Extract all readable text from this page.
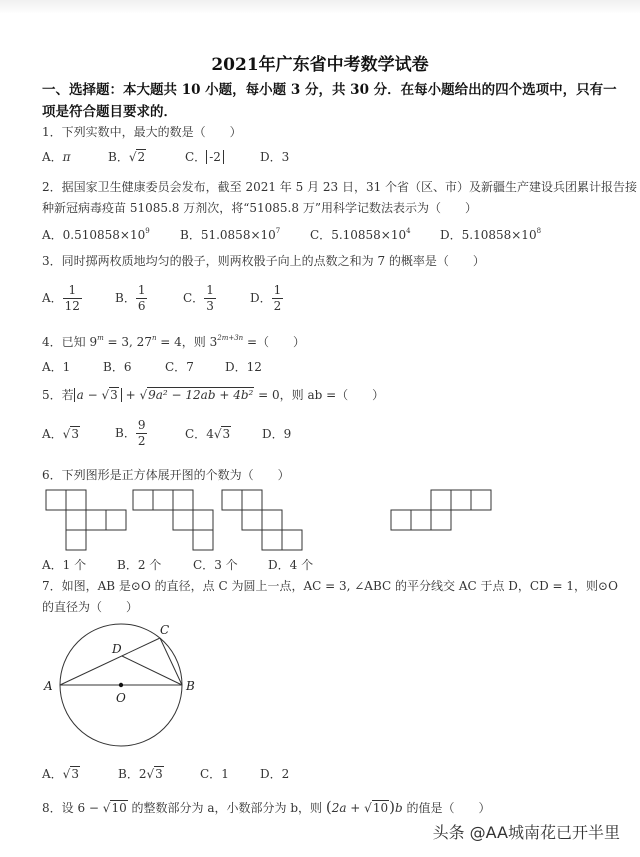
2021年广东省中考数学试卷
一、选择题：本大题共 10 小题，每小题 3 分，共 30 分．在每小题给出的四个选项中，只有一
项是符合题目要求的．
1．下列实数中，最大的数是（　　）
A．π	B．√2	C． -2	D．3
2．据国家卫生健康委员会发布，截至 2021 年 5 月 23 日，31 个省（区、市）及新疆生产建设兵团累计报告接
种新冠病毒疫苗 51085.8 万剂次，将“51085.8 万”用科学记数法表示为（　　）
A．$0.510858\times 10^9$	B．$51.0858\times 10^7$ C．$5.10858\times 10^4$ D．$5.10858\times 10^8$
3．同时掷两枚质地均匀的骰子，则两枚骰子向上的点数之和为 7 的概率是（　　）
A． $\frac{1}{12}$	B． $\frac{1}{6}$	C． $\frac{1}{3}$	D． $\frac{1}{2}$
4．已知 $9^m = 3$, $27^n = 4$，则 $3^{2m+3n}$ =（　　）
A．1	B．6	C．7	D．12
5．若 a − √3 + √9a² − 12ab + 4b² = 0，则 ab =（　　）
A．√3	B． $\frac{9}{2}$	C．4√3	D．9
6．下列图形是正方体展开图的个数为（　　）
A．1 个	B．2 个	C．3 个	D．4 个
7．如图，AB 是⊙O 的直径，点 C 为圆上一点，AC = 3, ∠ABC 的平分线交 AC 于点 D，CD = 1，则⊙O
的直径为（　　）
A	B
C
D
O
A．√3	B．2√3	C．1	D．2
8．设 6 − √10 的整数部分为 a，小数部分为 b，则 (2a + √10)b 的值是（　　）
头条 @AA城南花已开半里
